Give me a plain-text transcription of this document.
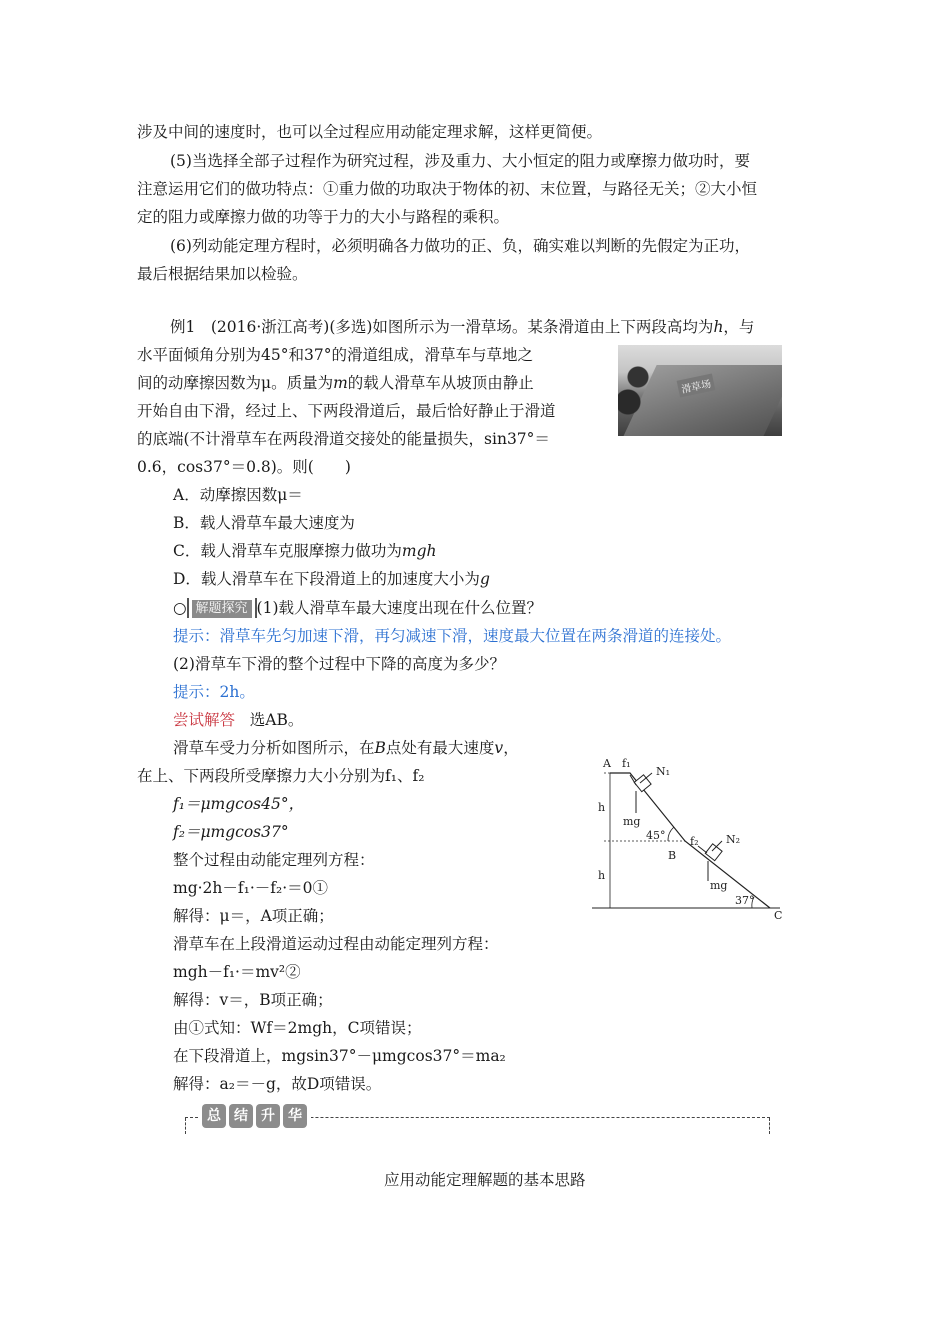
涉及中间的速度时，也可以全过程应用动能定理求解，这样更简便。
(5)当选择全部子过程作为研究过程，涉及重力、大小恒定的阻力或摩擦力做功时，要
注意运用它们的做功特点：①重力做的功取决于物体的初、末位置，与路径无关；②大小恒
定的阻力或摩擦力做的功等于力的大小与路程的乘积。
(6)列动能定理方程时，必须明确各力做功的正、负，确实难以判断的先假定为正功，
最后根据结果加以检验。
例1　(2016·浙江高考)(多选)如图所示为一滑草场。某条滑道由上下两段高均为h，与
水平面倾角分别为45°和37°的滑道组成，滑草车与草地之
间的动摩擦因数为μ。质量为m的载人滑草车从坡顶由静止
开始自由下滑，经过上、下两段滑道后，最后恰好静止于滑道
的底端(不计滑草车在两段滑道交接处的能量损失，sin37°＝
0.6，cos37°＝0.8)。则(　　)
滑草场
A．动摩擦因数μ＝
B．载人滑草车最大速度为
C．载人滑草车克服摩擦力做功为mgh
D．载人滑草车在下段滑道上的加速度大小为g
○ 解题探究 (1)载人滑草车最大速度出现在什么位置？
提示：滑草车先匀加速下滑，再匀减速下滑，速度最大位置在两条滑道的连接处。
(2)滑草车下滑的整个过程中下降的高度为多少？
提示：2h。
尝试解答 选AB。
滑草车受力分析如图所示，在B点处有最大速度v，
在上、下两段所受摩擦力大小分别为f₁、f₂
f₁＝μmgcos45°，
f₂＝μmgcos37°
整个过程由动能定理列方程：
mg·2h－f₁·－f₂·＝0①
解得：μ＝，A项正确；
滑草车在上段滑道运动过程由动能定理列方程：
mgh－f₁·＝mv²②
解得：v＝，B项正确；
由①式知：Wf＝2mgh，C项错误；
在下段滑道上，mgsin37°－μmgcos37°＝ma₂
解得：a₂＝－g，故D项错误。
A f₁
N₁
mg
45°
B
f₂	N₂
mg
37°
C
h
h
总 结 升 华
应用动能定理解题的基本思路
